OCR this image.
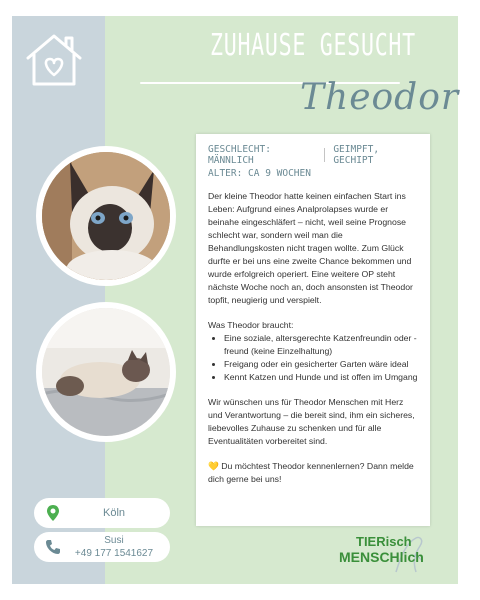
ZUHAUSE GESUCHT
Theodor
GESCHLECHT: MÄNNLICH
GEIMPFT, GECHIPT
ALTER: CA 9 WOCHEN

Der kleine Theodor hatte keinen einfachen Start ins Leben: Aufgrund eines Analprolapses wurde er beinahe eingeschläfert – nicht, weil seine Prognose schlecht war, sondern weil man die Behandlungskosten nicht tragen wollte. Zum Glück durfte er bei uns eine zweite Chance bekommen und wurde erfolgreich operiert. Eine weitere OP steht nächste Woche noch an, doch ansonsten ist Theodor topfit, neugierig und verspielt.

Was Theodor braucht:
• Eine soziale, altersgerechte Katzenfreundin oder -freund (keine Einzelhaltung)
• Freigang oder ein gesicherter Garten wäre ideal
• Kennt Katzen und Hunde und ist offen im Umgang

Wir wünschen uns für Theodor Menschen mit Herz und Verantwortung – die bereit sind, ihm ein sicheres, liebevolles Zuhause zu schenken und für alle Eventualitäten vorbereitet sind.

💛 Du möchtest Theodor kennenlernen? Dann melde dich gerne bei uns!

Köln
Susi
+49 177 1541627
TIERisch
MENSCHlich
